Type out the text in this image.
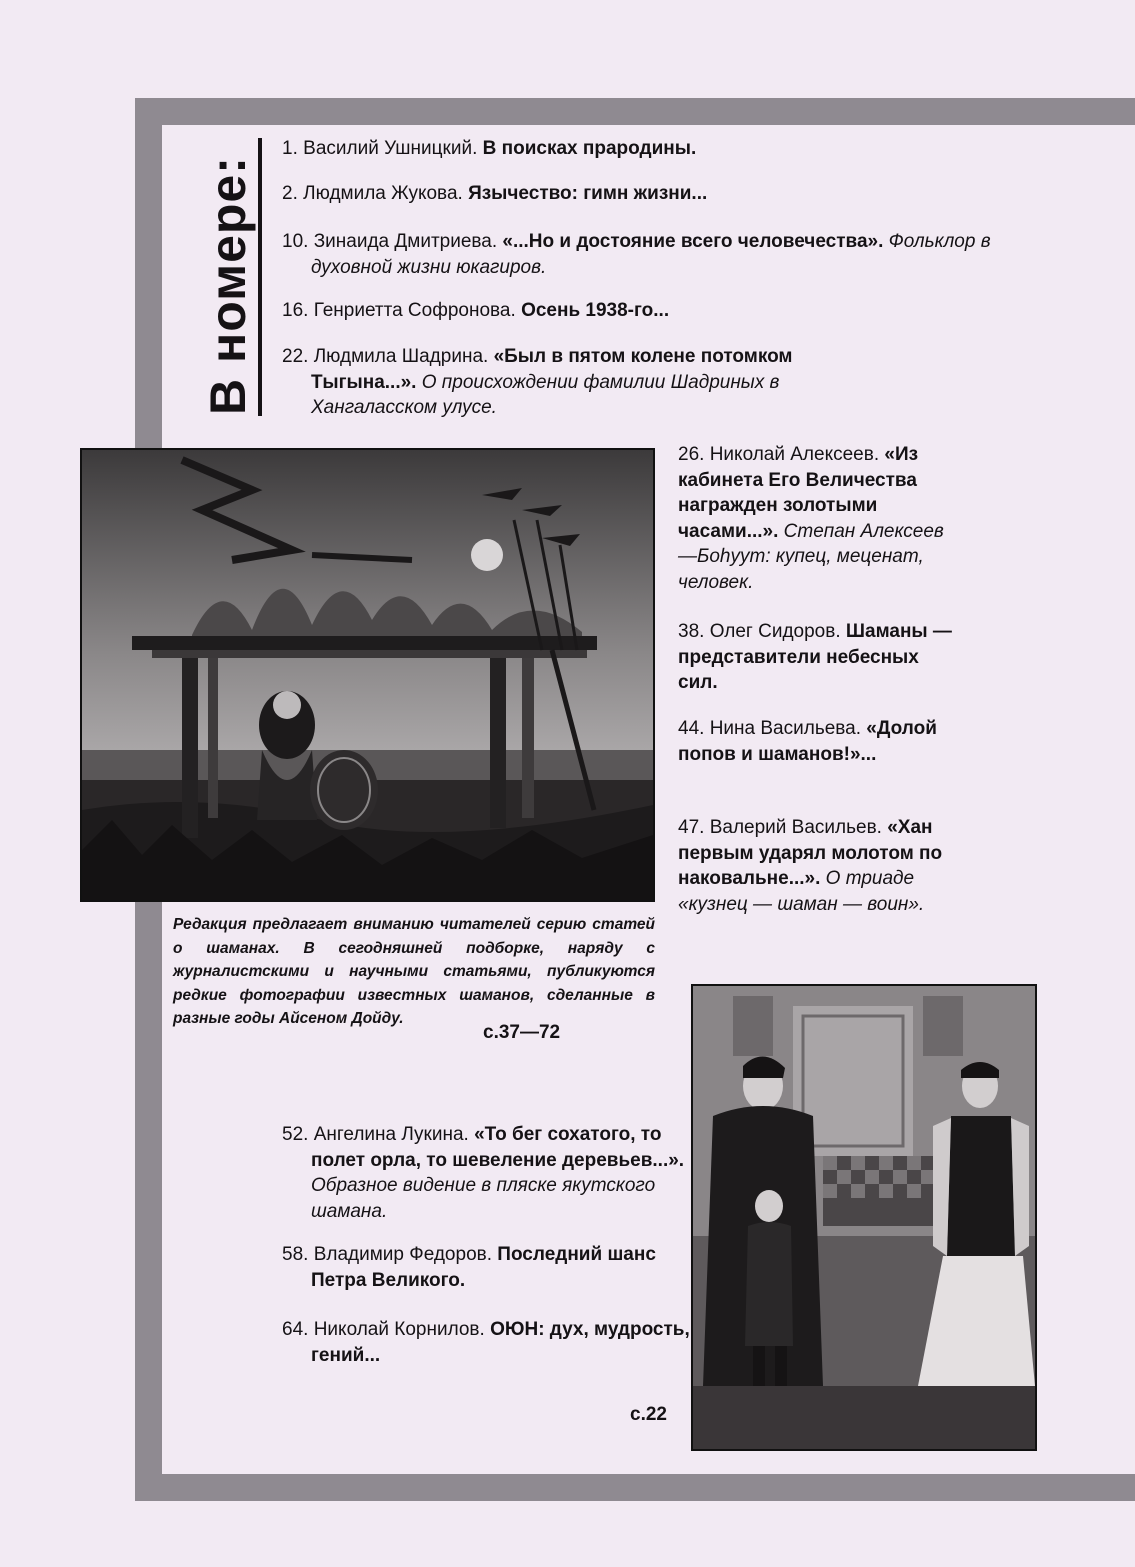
В номере:
1. Василий Ушницкий. В поисках прародины.
2. Людмила Жукова. Язычество: гимн жизни...
10. Зинаида Дмитриева. «...Но и достояние всего человечества». Фольклор в духовной жизни юкагиров.
16. Генриетта Софронова. Осень 1938-го...
22. Людмила Шадрина. «Был в пятом колене потомком Тыгына...». О происхождении фамилии Шадриных в Хангаласском улусе.
26. Николай Алексеев. «Из кабинета Его Величества награжден золотыми часами...». Степан Алексеев—Боһуут: купец, меценат, человек.
38. Олег Сидоров. Шаманы — представители небесных сил.
44. Нина Васильева. «Долой попов и шаманов!»...
47. Валерий Васильев. «Хан первым ударял молотом по наковальне...». О триаде «кузнец — шаман — воин».
Редакция предлагает вниманию читателей серию статей о шаманах. В сегодняшней подборке, наряду с журналистскими и научными статьями, публикуются редкие фотографии известных шаманов, сделанные в разные годы Айсеном Дойду.
с.37—72
52. Ангелина Лукина. «То бег сохатого, то полет орла, то шевеление деревьев...». Образное видение в пляске якутского шамана.
58. Владимир Федоров. Последний шанс Петра Великого.
64. Николай Корнилов. ОЮН: дух, мудрость, гений...
с.22
